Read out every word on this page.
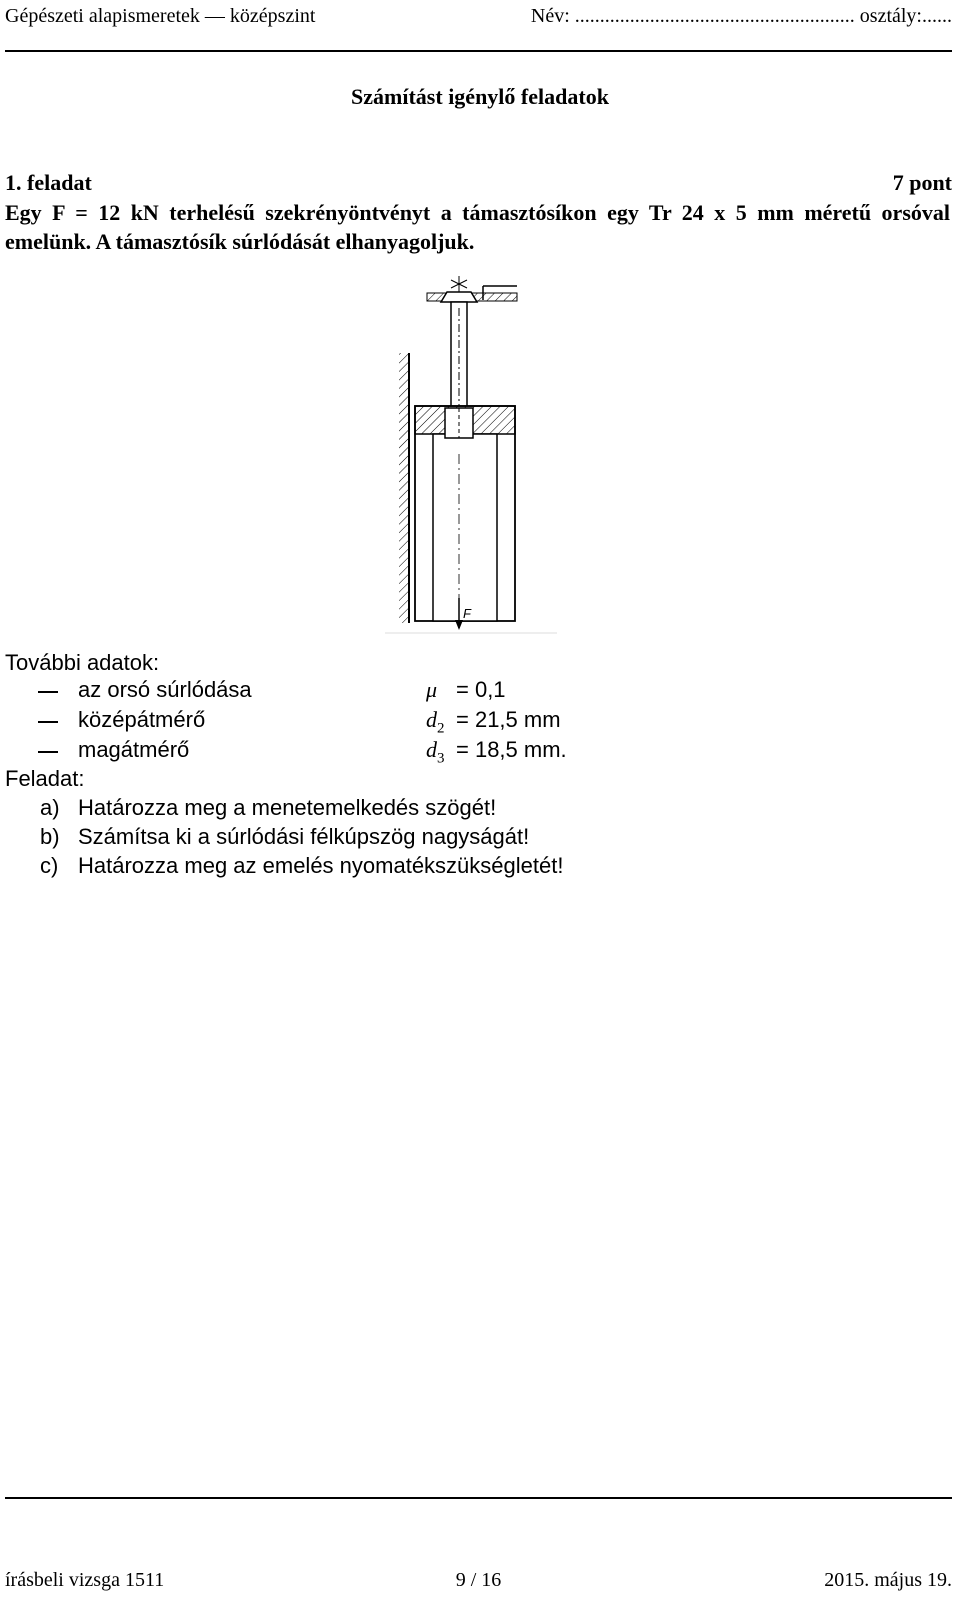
Gépészeti alapismeretek — középszint	Név: ........................................................ osztály:......
Számítást igénylő feladatok
1. feladat	7 pont
Egy F = 12 kN terhelésű szekrényöntvényt a támasztósíkon egy Tr 24 x 5 mm méretű orsóval emelünk. A támasztósík súrlódását elhanyagoljuk.
F
További adatok:
az orsó súrlódása	μ = 0,1
középátmérő	$d_2 = 21,5$ mm
magátmérő	$d_3 = 18,5$ mm.
Feladat:
a) Határozza meg a menetemelkedés szögét!
b) Számítsa ki a súrlódási félkúpszög nagyságát!
c) Határozza meg az emelés nyomatékszükségletét!
írásbeli vizsga 1511	9 / 16	2015. május 19.
